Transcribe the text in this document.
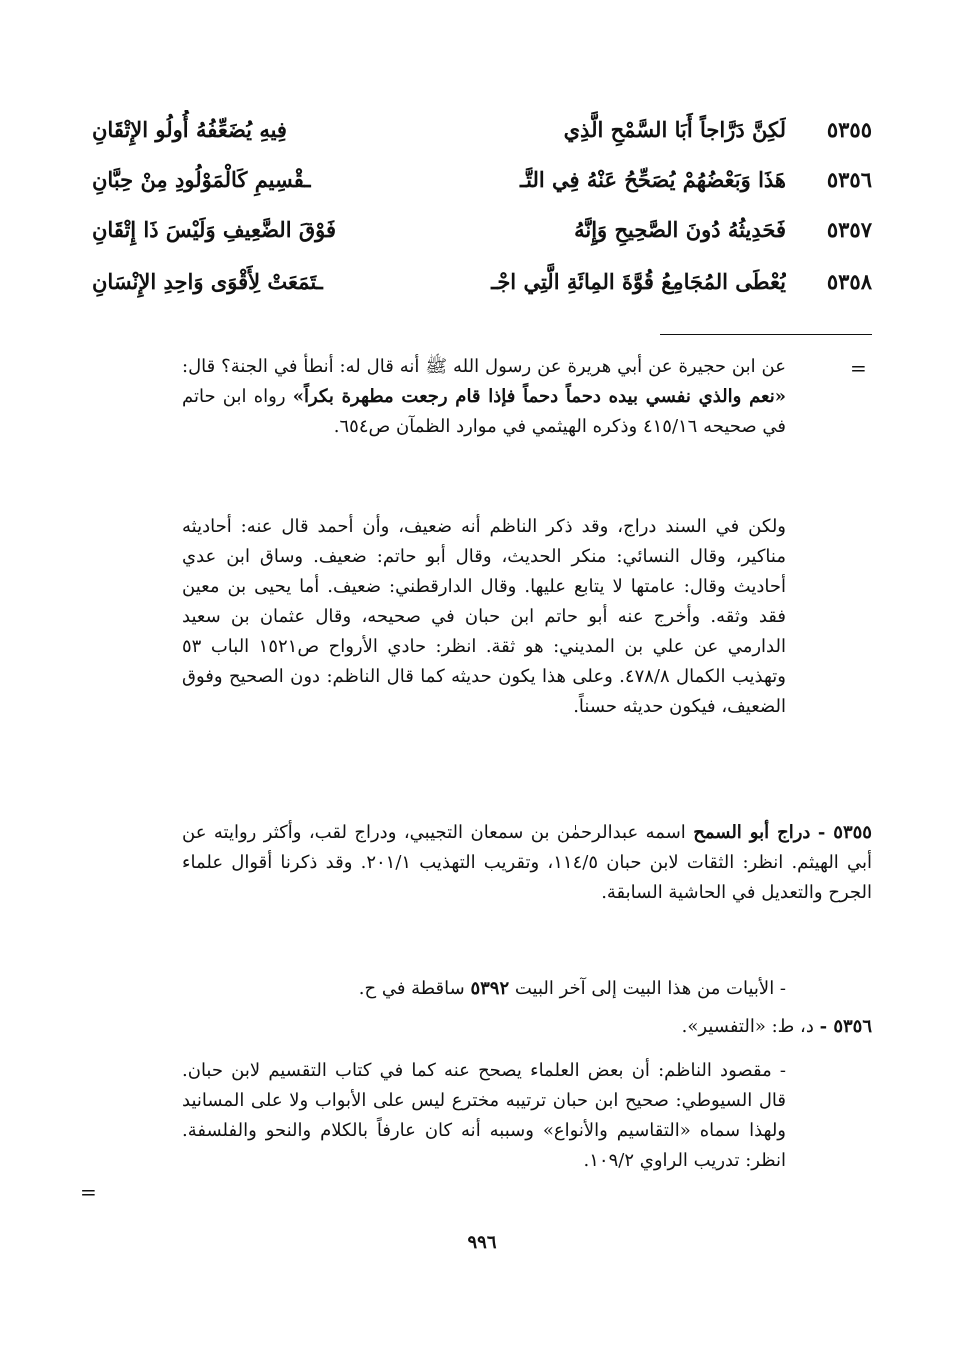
٥٣٥٥
لَكِنَّ دَرَّاجاً أَبَا السَّمْحِ الَّذِي
فِيهِ يُضَعِّفُهُ أُولُو الإِتْقَانِ
٥٣٥٦
هَذَا وَبَعْضُهُمْ يُصَحِّحُ عَنْهُ فِي التَّـ
ـقْسِيمِ كَالْمَوْلُودِ مِنْ حِبَّانِ
٥٣٥٧
فَحَدِيثُهُ دُونَ الصَّحِيحِ وَإِنَّهُ
فَوْقَ الضَّعِيفِ وَلَيْسَ ذَا إِتْقَانِ
٥٣٥٨
يُعْطَى المُجَامِعُ قُوَّةَ المِائَةِ الَّتِي اجْـ
ـتَمَعَتْ لِأَقْوَى وَاحِدِ الإِنْسَانِ
=
عن ابن حجيرة عن أبي هريرة عن رسول الله ﷺ أنه قال له: أنطأ في الجنة؟ قال: «نعم والذي نفسي بيده دحماً دحماً فإذا قام رجعت مطهرة بكراً» رواه ابن حاتم في صحيحه ٤١٥/١٦ وذكره الهيثمي في موارد الظمآن ص٦٥٤.
ولكن في السند دراج، وقد ذكر الناظم أنه ضعيف، وأن أحمد قال عنه: أحاديثه مناكير، وقال النسائي: منكر الحديث، وقال أبو حاتم: ضعيف. وساق ابن عدي أحاديث وقال: عامتها لا يتابع عليها. وقال الدارقطني: ضعيف. أما يحيى بن معين فقد وثقه. وأخرج عنه أبو حاتم ابن حبان في صحيحه، وقال عثمان بن سعيد الدارمي عن علي بن المديني: هو ثقة. انظر: حادي الأرواح ص١٥٢١ الباب ٥٣ وتهذيب الكمال ٤٧٨/٨. وعلى هذا يكون حديثه كما قال الناظم: دون الصحيح وفوق الضعيف، فيكون حديثه حسناً.
٥٣٥٥ - دراج أبو السمح اسمه عبدالرحمٰن بن سمعان التجيبي، ودراج لقب، وأكثر روايته عن أبي الهيثم. انظر: الثقات لابن حبان ١١٤/٥، وتقريب التهذيب ٢٠١/١. وقد ذكرنا أقوال علماء الجرح والتعديل في الحاشية السابقة.
- الأبيات من هذا البيت إلى آخر البيت ٥٣٩٢ ساقطة في ح.
٥٣٥٦ - د، ط: «التفسير».
- مقصود الناظم: أن بعض العلماء يصحح عنه كما في كتاب التقسيم لابن حبان. قال السيوطي: صحيح ابن حبان ترتيبه مخترع ليس على الأبواب ولا على المسانيد ولهذا سماه «التقاسيم والأنواع» وسببه أنه كان عارفاً بالكلام والنحو والفلسفة. انظر: تدريب الراوي ١٠٩/٢.
=
٩٩٦
